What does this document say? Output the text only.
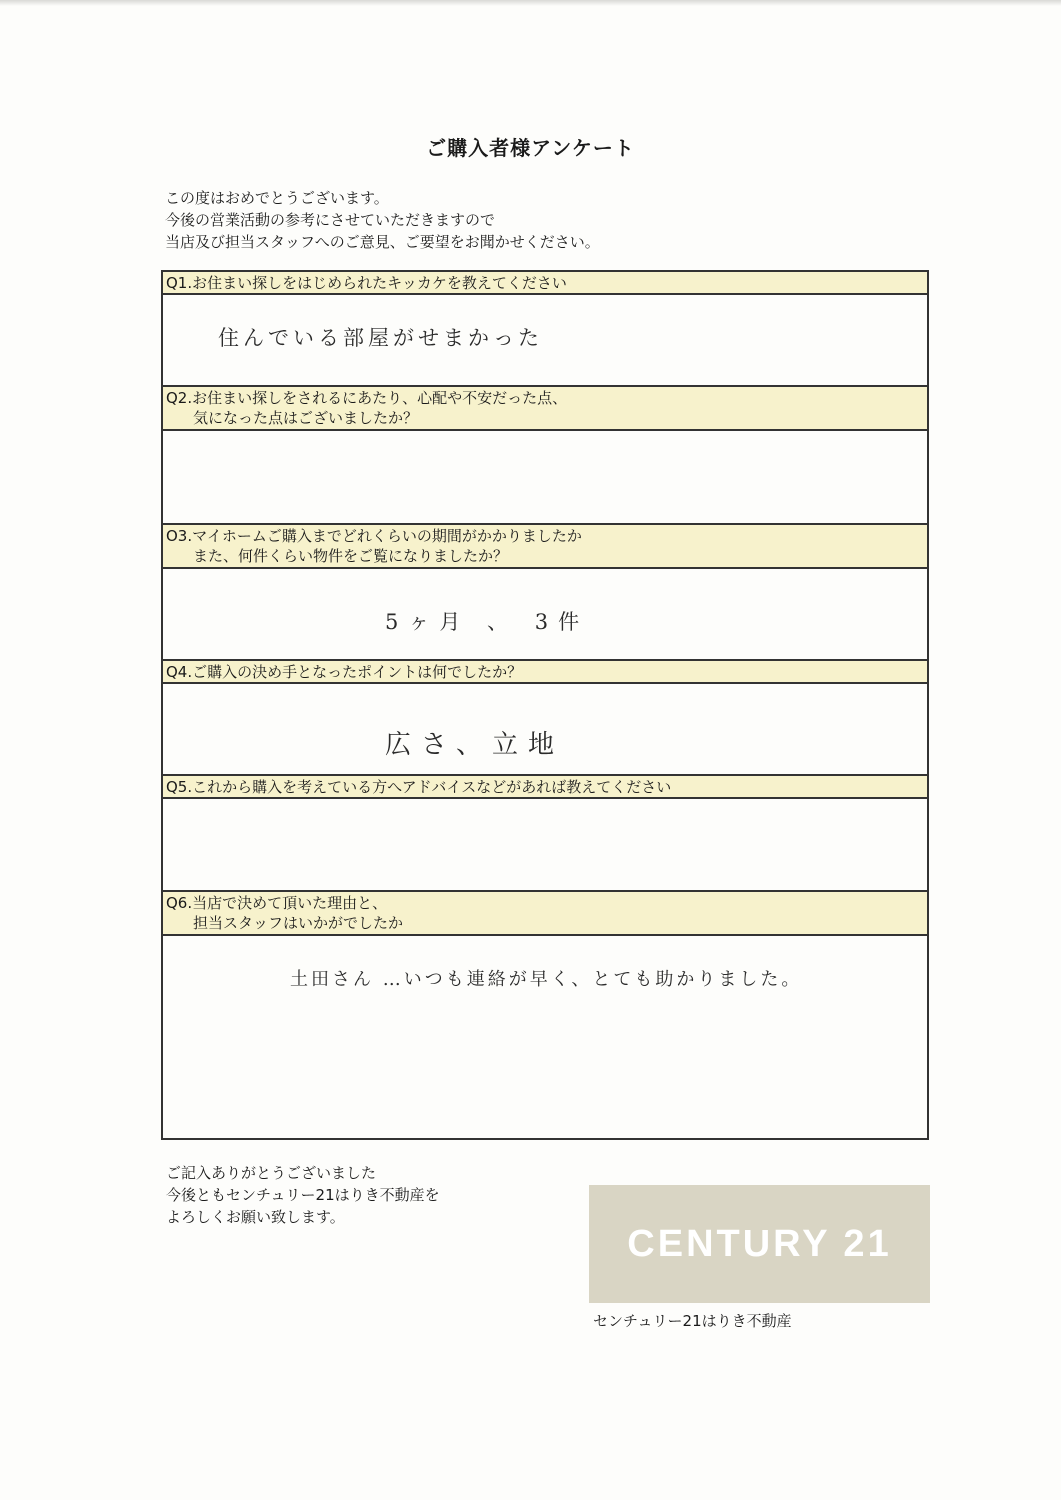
ご購入者様アンケート
この度はおめでとうございます。
今後の営業活動の参考にさせていただきますので
当店及び担当スタッフへのご意見、ご要望をお聞かせください。
Q1.お住まい探しをはじめられたキッカケを教えてください
住んでいる部屋がせまかった
Q2.お住まい探しをされるにあたり、心配や不安だった点、
気になった点はございましたか？
O3.マイホームご購入までどれくらいの期間がかかりましたか
また、何件くらい物件をご覧になりましたか？
5ヶ月 、 3件
Q4.ご購入の決め手となったポイントは何でしたか？
広さ、立地
Q5.これから購入を考えている方へアドバイスなどがあれば教えてください
Q6.当店で決めて頂いた理由と、
担当スタッフはいかがでしたか
土田さん …いつも連絡が早く、とても助かりました。
ご記入ありがとうございました
今後ともセンチュリー21はりき不動産を
よろしくお願い致します。
CENTURY 21
センチュリー21はりき不動産
